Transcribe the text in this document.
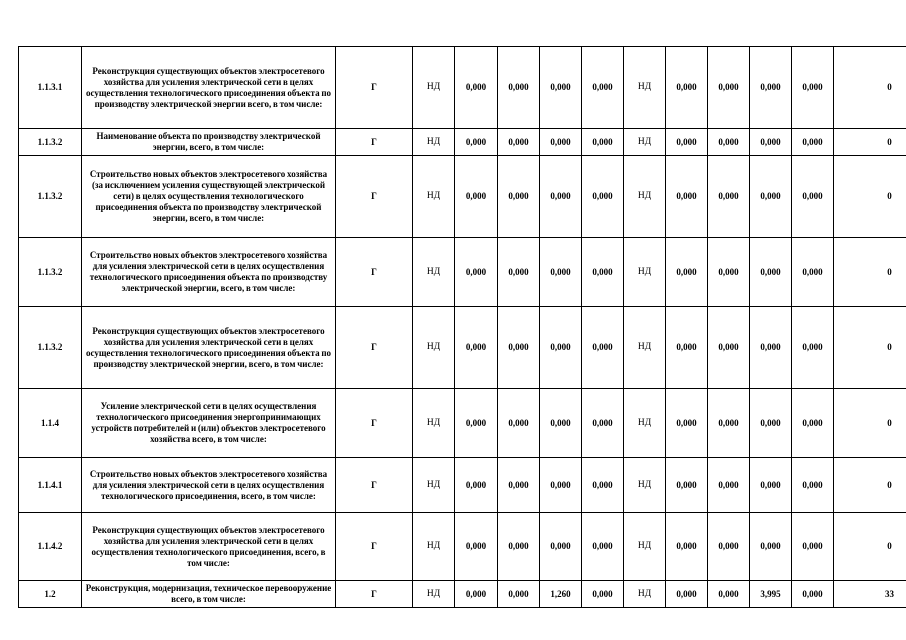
1.1.3.1	Реконструкция существующих объектов электросетевого хозяйства для усиления электрической сети в целях осуществления технологического присоединения объекта по производству электрической энергии всего, в том числе:	Г	НД	0,000	0,000	0,000	0,000	НД	0,000	0,000	0,000	0,000	0
1.1.3.2	Наименование объекта по производству электрической энергии, всего, в том числе:	Г	НД	0,000	0,000	0,000	0,000	НД	0,000	0,000	0,000	0,000	0
1.1.3.2	Строительство новых объектов электросетевого хозяйства (за исключением усиления существующей электрической сети) в целях осуществления технологического присоединения объекта по производству электрической энергии, всего, в том числе:	Г	НД	0,000	0,000	0,000	0,000	НД	0,000	0,000	0,000	0,000	0
1.1.3.2	Строительство новых объектов электросетевого хозяйства для усиления электрической сети в целях осуществления технологического присоединения объекта по производству электрической энергии, всего, в том числе:	Г	НД	0,000	0,000	0,000	0,000	НД	0,000	0,000	0,000	0,000	0
1.1.3.2	Реконструкция существующих объектов электросетевого хозяйства для усиления электрической сети в целях осуществления технологического присоединения объекта по производству электрической энергии, всего, в том числе:	Г	НД	0,000	0,000	0,000	0,000	НД	0,000	0,000	0,000	0,000	0
1.1.4	Усиление электрической сети в целях осуществления технологического присоединения энергопринимающих устройств потребителей и (или) объектов электросетевого хозяйства всего, в том числе:	Г	НД	0,000	0,000	0,000	0,000	НД	0,000	0,000	0,000	0,000	0
1.1.4.1	Строительство новых объектов электросетевого хозяйства для усиления электрической сети в целях осуществления технологического присоединения, всего, в том числе:	Г	НД	0,000	0,000	0,000	0,000	НД	0,000	0,000	0,000	0,000	0
1.1.4.2	Реконструкция существующих объектов электросетевого хозяйства для усиления электрической сети в целях осуществления технологического присоединения, всего, в том числе:	Г	НД	0,000	0,000	0,000	0,000	НД	0,000	0,000	0,000	0,000	0
1.2	Реконструкция, модернизация, техническое перевооружение всего, в том числе:	Г	НД	0,000	0,000	1,260	0,000	НД	0,000	0,000	3,995	0,000	33
